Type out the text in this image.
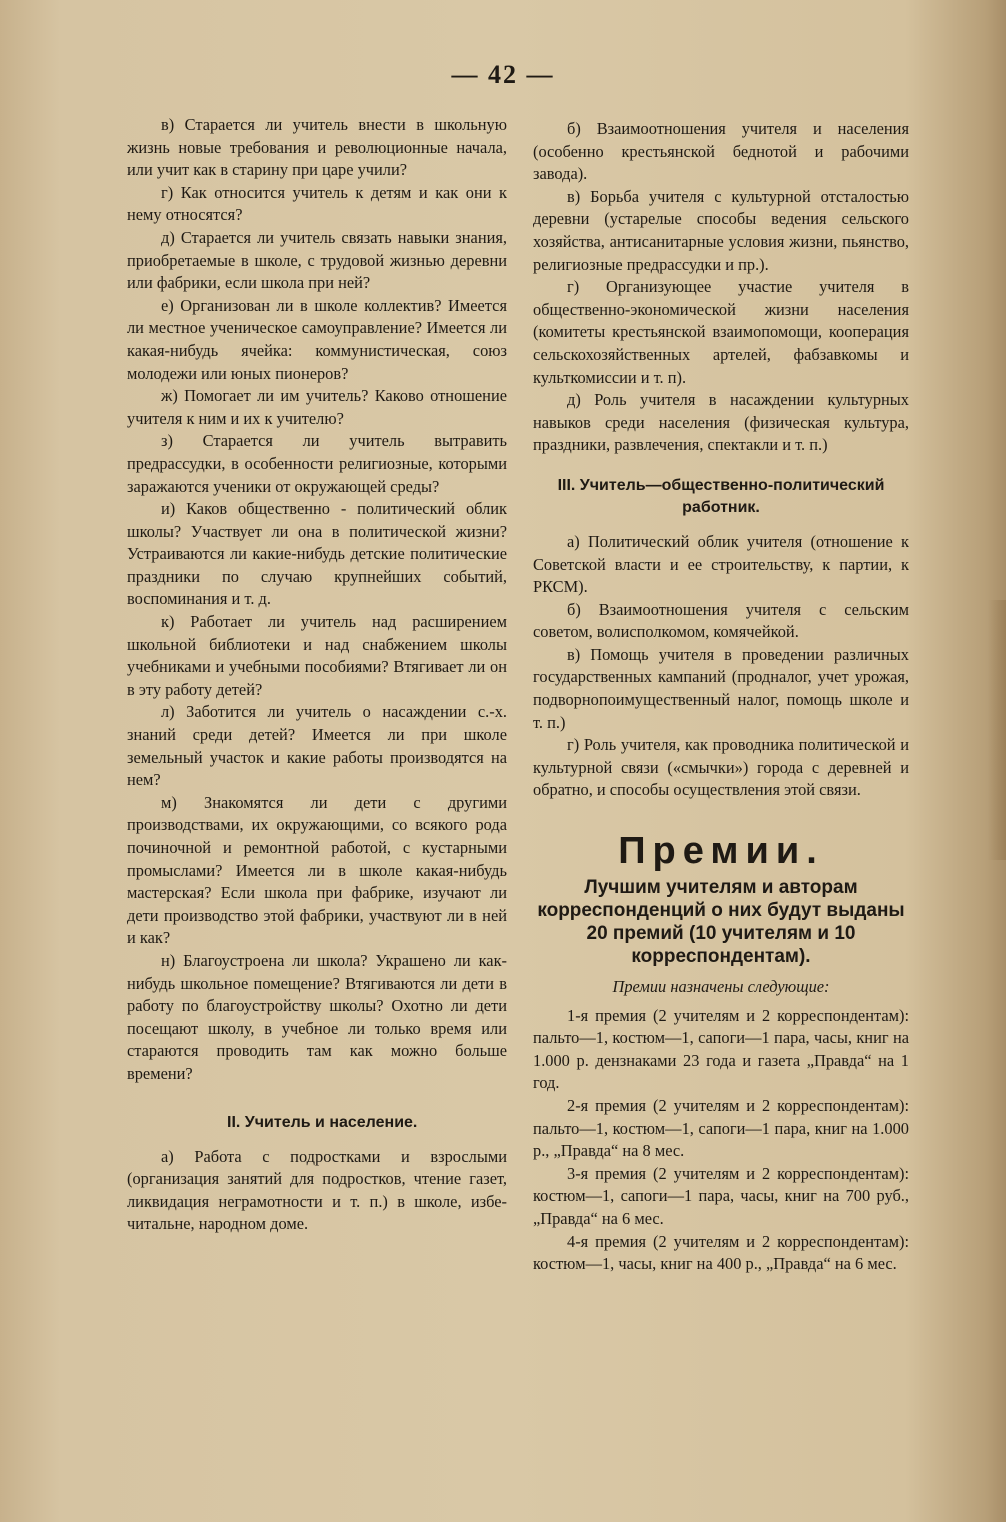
— 42 —

в) Старается ли учитель внести в школьную жизнь новые требования и революционные начала, или учит как в старину при царе учили?

г) Как относится учитель к детям и как они к нему относятся?

д) Старается ли учитель связать навыки знания, приобретаемые в школе, с трудовой жизнью деревни или фабрики, если школа при ней?

е) Организован ли в школе коллектив? Имеется ли местное ученическое самоуправление? Имеется ли какая-нибудь ячейка: коммунистическая, союз молодежи или юных пионеров?

ж) Помогает ли им учитель? Каково отношение учителя к ним и их к учителю?

з) Старается ли учитель вытравить предрассудки, в особенности религиозные, которыми заражаются ученики от окружающей среды?

и) Каков общественно - политичеcкий облик школы? Участвует ли она в политической жизни? Устраиваются ли какие-нибудь детские политические праздники по случаю крупнейших событий, воспоминания и т. д.

к) Работает ли учитель над расширением школьной библиотеки и над снабжением школы учебниками и учебными пособиями? Втягивает ли он в эту работу детей?

л) Заботится ли учитель о насаждении с.-х. знаний среди детей? Имеется ли при школе земельный участок и какие работы производятся на нем?

м) Знакомятся ли дети с другими производствами, их окружающими, со всякого рода починочной и ремонтной работой, с кустарными промыслами? Имеется ли в школе какая-нибудь мастерская? Если школа при фабрике, изучают ли дети производство этой фабрики, участвуют ли в ней и как?

н) Благоустроена ли школа? Украшено ли как-нибудь школьное помещение? Втягиваются ли дети в работу по благоустройству школы? Охотно ли дети посещают школу, в учебное ли только время или стараются проводить там как можно больше времени?

II. Учитель и население.

а) Работа с подростками и взрослыми (организация занятий для подростков, чтение газет, ликвидация неграмотности и т. п.) в школе, избе-читальне, народном доме.

б) Взаимоотношения учителя и населения (особенно крестьянской беднотой и рабочими завода).

в) Борьба учителя с культурной отсталостью деревни (устарелые способы ведения сельского хозяйства, антисанитарные условия жизни, пьянство, религиозные предрассудки и пр.).

г) Организующее участие учителя в общественно-экономической жизни населения (комитеты крестьянской взаимопомощи, кооперация сельскохозяйственных артелей, фабзавкомы и культкомиссии и т. п).

д) Роль учителя в насаждении культурных навыков среди населения (физическая культура, праздники, развлечения, спектакли и т. п.)

III. Учитель—общественно-политический работник.

а) Политический облик учителя (отношение к Советской власти и ее строительству, к партии, к РКСМ).

б) Взаимоотношения учителя с сельским советом, волисполкомом, комячейкой.

в) Помощь учителя в проведении различных государственных кампаний (продналог, учет урожая, подворнопоимущественный налог, помощь школе и т. п.)

г) Роль учителя, как проводника политической и культурной связи («смычки») города с деревней и обратно, и способы осуществления этой связи.

Премии.
Лучшим учителям и авторам корреспонденций о них будут выданы 20 премий (10 учителям и 10 корреспондентам).

Премии назначены следующие:

1-я премия (2 учителям и 2 корреспондентам): пальто—1, костюм—1, сапоги—1 пара, часы, книг на 1.000 р. дензнаками 23 года и газета „Правда“ на 1 год.

2-я премия (2 учителям и 2 корреспондентам): пальто—1, костюм—1, сапоги—1 пара, книг на 1.000 р., „Правда“ на 8 мес.

3-я премия (2 учителям и 2 корреспондентам): костюм—1, сапоги—1 пара, часы, книг на 700 руб., „Правда“ на 6 мес.

4-я премия (2 учителям и 2 корреспондентам): костюм—1, часы, книг на 400 р., „Правда“ на 6 мес.
